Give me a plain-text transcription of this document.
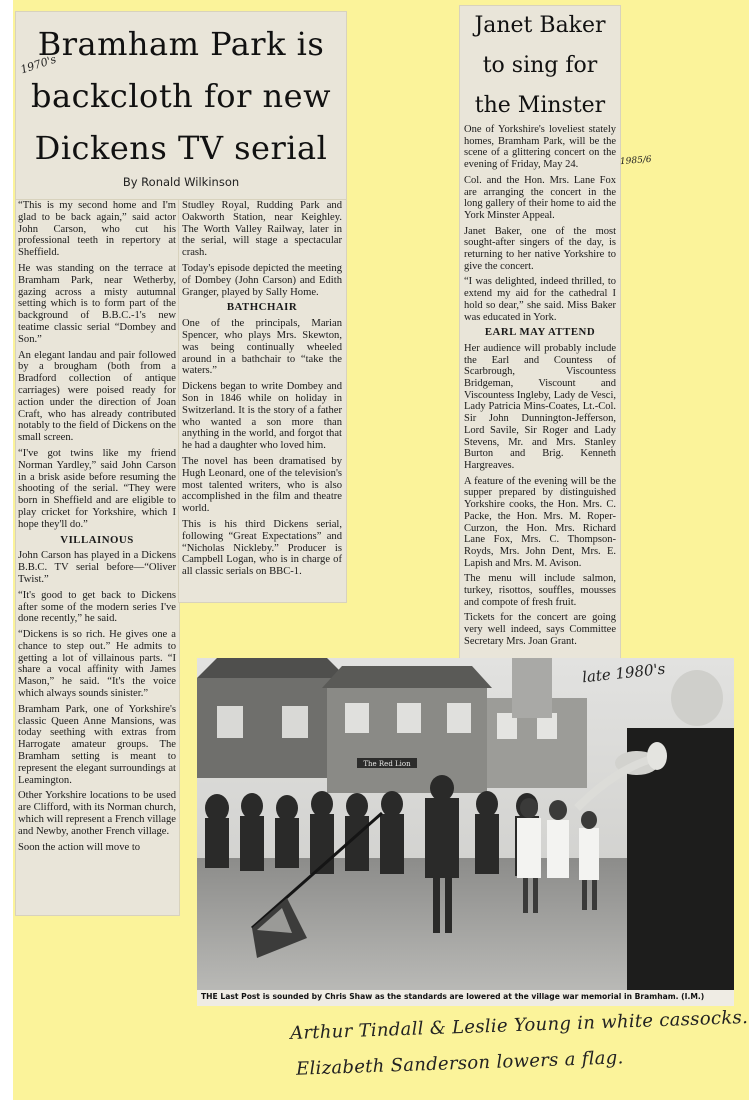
Bramham Park is
backcloth for new
Dickens TV serial
By Ronald Wilkinson

“This is my second home and I'm glad to be back again,” said actor John Carson, who cut his professional teeth in repertory at Sheffield.

He was standing on the terrace at Bramham Park, near Wetherby, gazing across a misty autumnal setting which is to form part of the background of B.B.C.-1's new teatime classic serial “Dombey and Son.”

An elegant landau and pair followed by a brougham (both from a Bradford collection of antique carriages) were poised ready for action under the direction of Joan Craft, who has already contributed notably to the field of Dickens on the small screen.

“I've got twins like my friend Norman Yardley,” said John Carson in a brisk aside before resuming the shooting of the serial. “They were born in Sheffield and are eligible to play cricket for Yorkshire, which I hope they'll do.”

VILLAINOUS

John Carson has played in a Dickens B.B.C. TV serial before—“Oliver Twist.”

“It's good to get back to Dickens after some of the modern series I've done recently,” he said.

“Dickens is so rich. He gives one a chance to step out.” He admits to getting a lot of villainous parts. “I share a vocal affinity with James Mason,” he said. “It's the voice which always sounds sinister.”

Bramham Park, one of Yorkshire's classic Queen Anne Mansions, was today seething with extras from Harrogate amateur groups. The Bramham setting is meant to represent the elegant surroundings at Leamington.

Other Yorkshire locations to be used are Clifford, with its Norman church, which will represent a French village and Newby, another French village.

Soon the action will move to

Studley Royal, Rudding Park and Oakworth Station, near Keighley. The Worth Valley Railway, later in the serial, will stage a spectacular crash.

Today's episode depicted the meeting of Dombey (John Carson) and Edith Granger, played by Sally Home.

BATHCHAIR

One of the principals, Marian Spencer, who plays Mrs. Skewton, was being continually wheeled around in a bathchair to “take the waters.”

Dickens began to write Dombey and Son in 1846 while on holiday in Switzerland. It is the story of a father who wanted a son more than anything in the world, and forgot that he had a daughter who loved him.

The novel has been dramatised by Hugh Leonard, one of the television's most talented writers, who is also accomplished in the film and theatre world.

This is his third Dickens serial, following “Great Expectations” and “Nicholas Nickleby.” Producer is Campbell Logan, who is in charge of all classic serials on BBC-1.

Janet Baker
to sing for
the Minster

One of Yorkshire's loveliest stately homes, Bramham Park, will be the scene of a glittering concert on the evening of Friday, May 24.

Col. and the Hon. Mrs. Lane Fox are arranging the concert in the long gallery of their home to aid the York Minster Appeal.

Janet Baker, one of the most sought-after singers of the day, is returning to her native Yorkshire to give the concert.

“I was delighted, indeed thrilled, to extend my aid for the cathedral I hold so dear,” she said. Miss Baker was educated in York.

EARL MAY ATTEND

Her audience will probably include the Earl and Countess of Scarbrough, Viscountess Bridgeman, Viscount and Viscountess Ingleby, Lady de Vesci, Lady Patricia Mins-Coates, Lt.-Col. Sir John Dunnington-Jefferson, Lord Savile, Sir Roger and Lady Stevens, Mr. and Mrs. Stanley Burton and Brig. Kenneth Hargreaves.

A feature of the evening will be the supper prepared by distinguished Yorkshire cooks, the Hon. Mrs. C. Packe, the Hon. Mrs. M. Roper-Curzon, the Hon. Mrs. Richard Lane Fox, Mrs. C. Thompson-Royds, Mrs. John Dent, Mrs. E. Lapish and Mrs. M. Avison.

The menu will include salmon, turkey, risottos, souffles, mousses and compote of fresh fruit.

Tickets for the concert are going very well indeed, says Committee Secretary Mrs. Joan Grant.

The Red Lion
THE Last Post is sounded by Chris Shaw as the standards are lowered at the village war memorial in Bramham. (I.M.)
1970's
1985/6
late 1980's
Arthur Tindall & Leslie Young in white cassocks.
Elizabeth Sanderson lowers a flag.
